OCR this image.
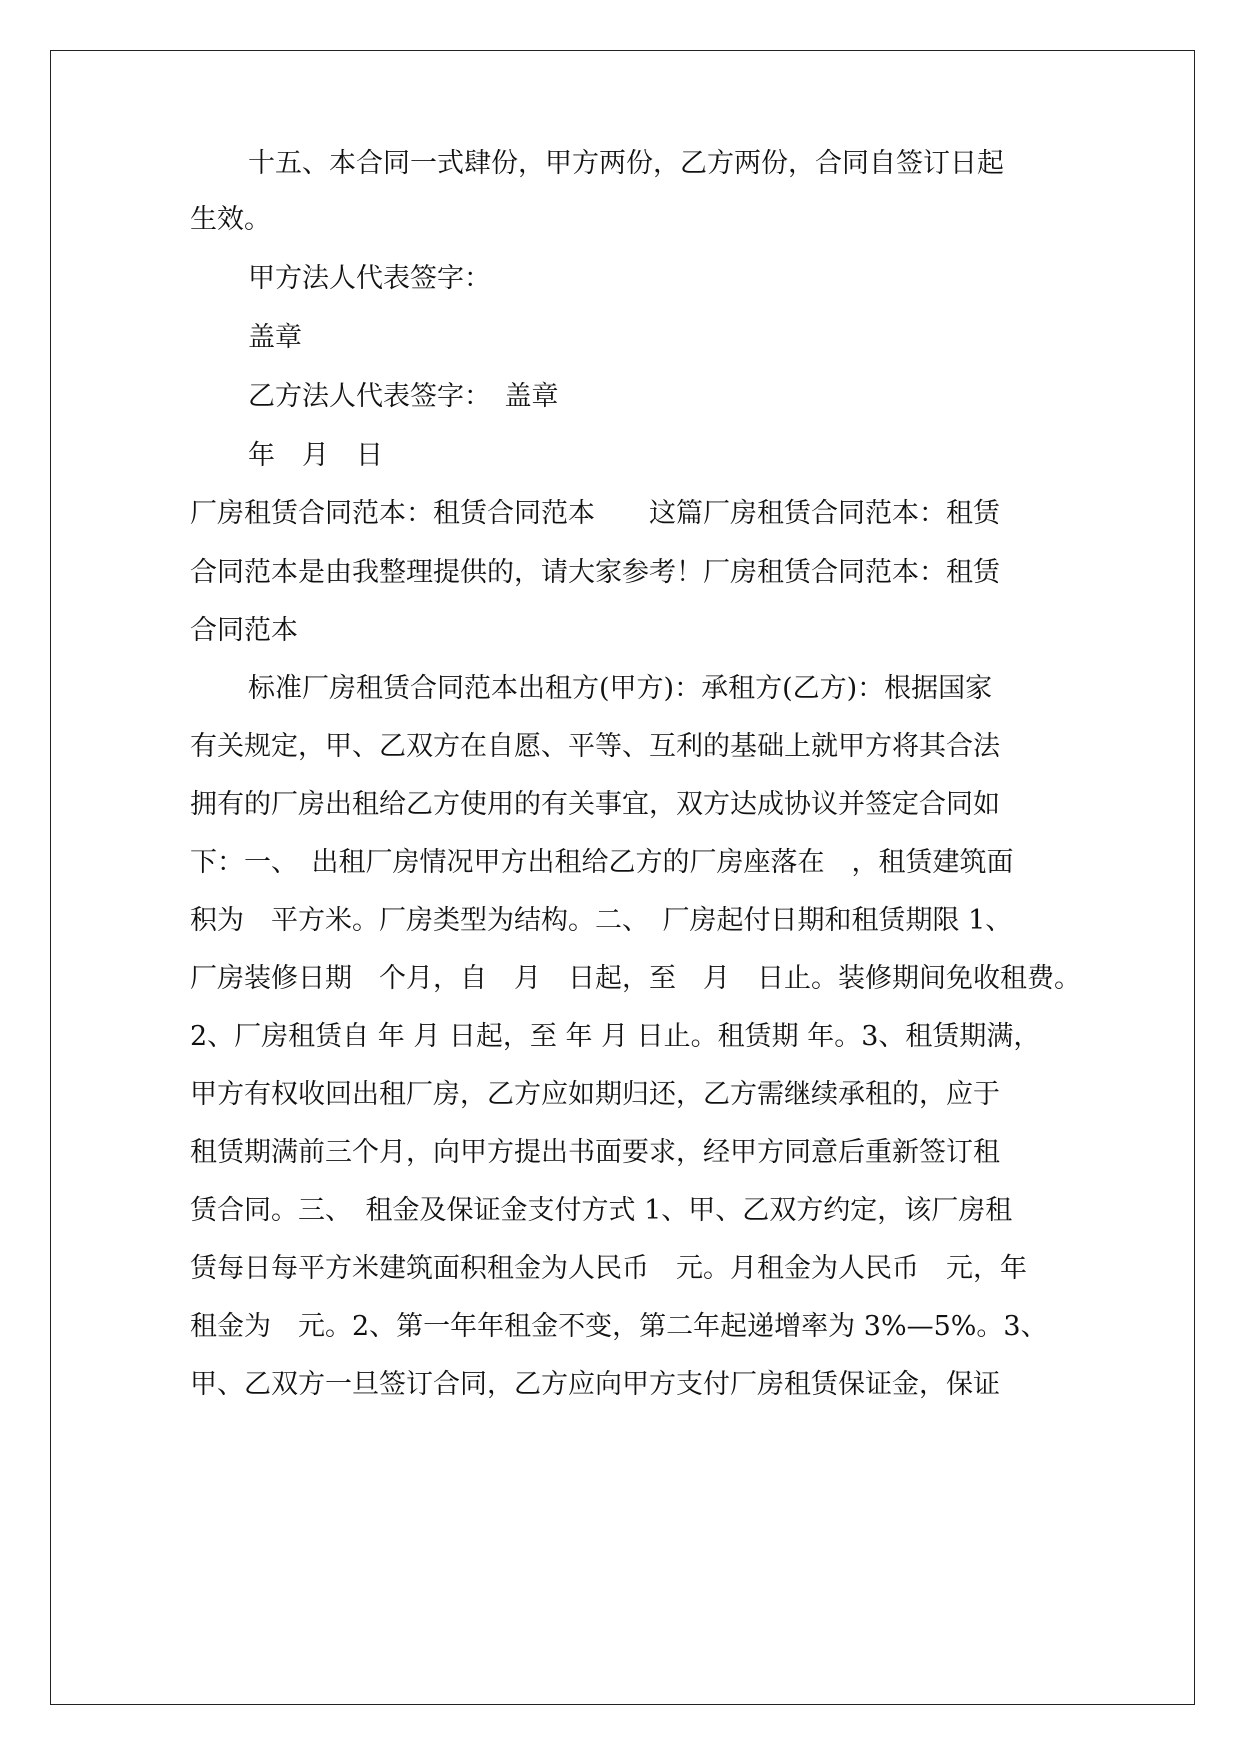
十五、本合同一式肆份，甲方两份，乙方两份，合同自签订日起
生效。
甲方法人代表签字：
盖章
乙方法人代表签字：　盖章
年　月　日
厂房租赁合同范本：租赁合同范本　　这篇厂房租赁合同范本：租赁
合同范本是由我整理提供的，请大家参考！厂房租赁合同范本：租赁
合同范本
标准厂房租赁合同范本出租方(甲方)：承租方(乙方)：根据国家
有关规定，甲、乙双方在自愿、平等、互利的基础上就甲方将其合法
拥有的厂房出租给乙方使用的有关事宜，双方达成协议并签定合同如
下：一、　出租厂房情况甲方出租给乙方的厂房座落在　，租赁建筑面
积为　平方米。厂房类型为结构。二、　厂房起付日期和租赁期限 1、
厂房装修日期　个月，自　月　日起，至　月　日止。装修期间免收租费。
2、厂房租赁自 年 月 日起，至 年 月 日止。租赁期 年。3、租赁期满，
甲方有权收回出租厂房，乙方应如期归还，乙方需继续承租的，应于
租赁期满前三个月，向甲方提出书面要求，经甲方同意后重新签订租
赁合同。三、　租金及保证金支付方式 1、甲、乙双方约定，该厂房租
赁每日每平方米建筑面积租金为人民币　元。月租金为人民币　元，年
租金为　元。2、第一年年租金不变，第二年起递增率为 3%—5%。3、
甲、乙双方一旦签订合同，乙方应向甲方支付厂房租赁保证金，保证
